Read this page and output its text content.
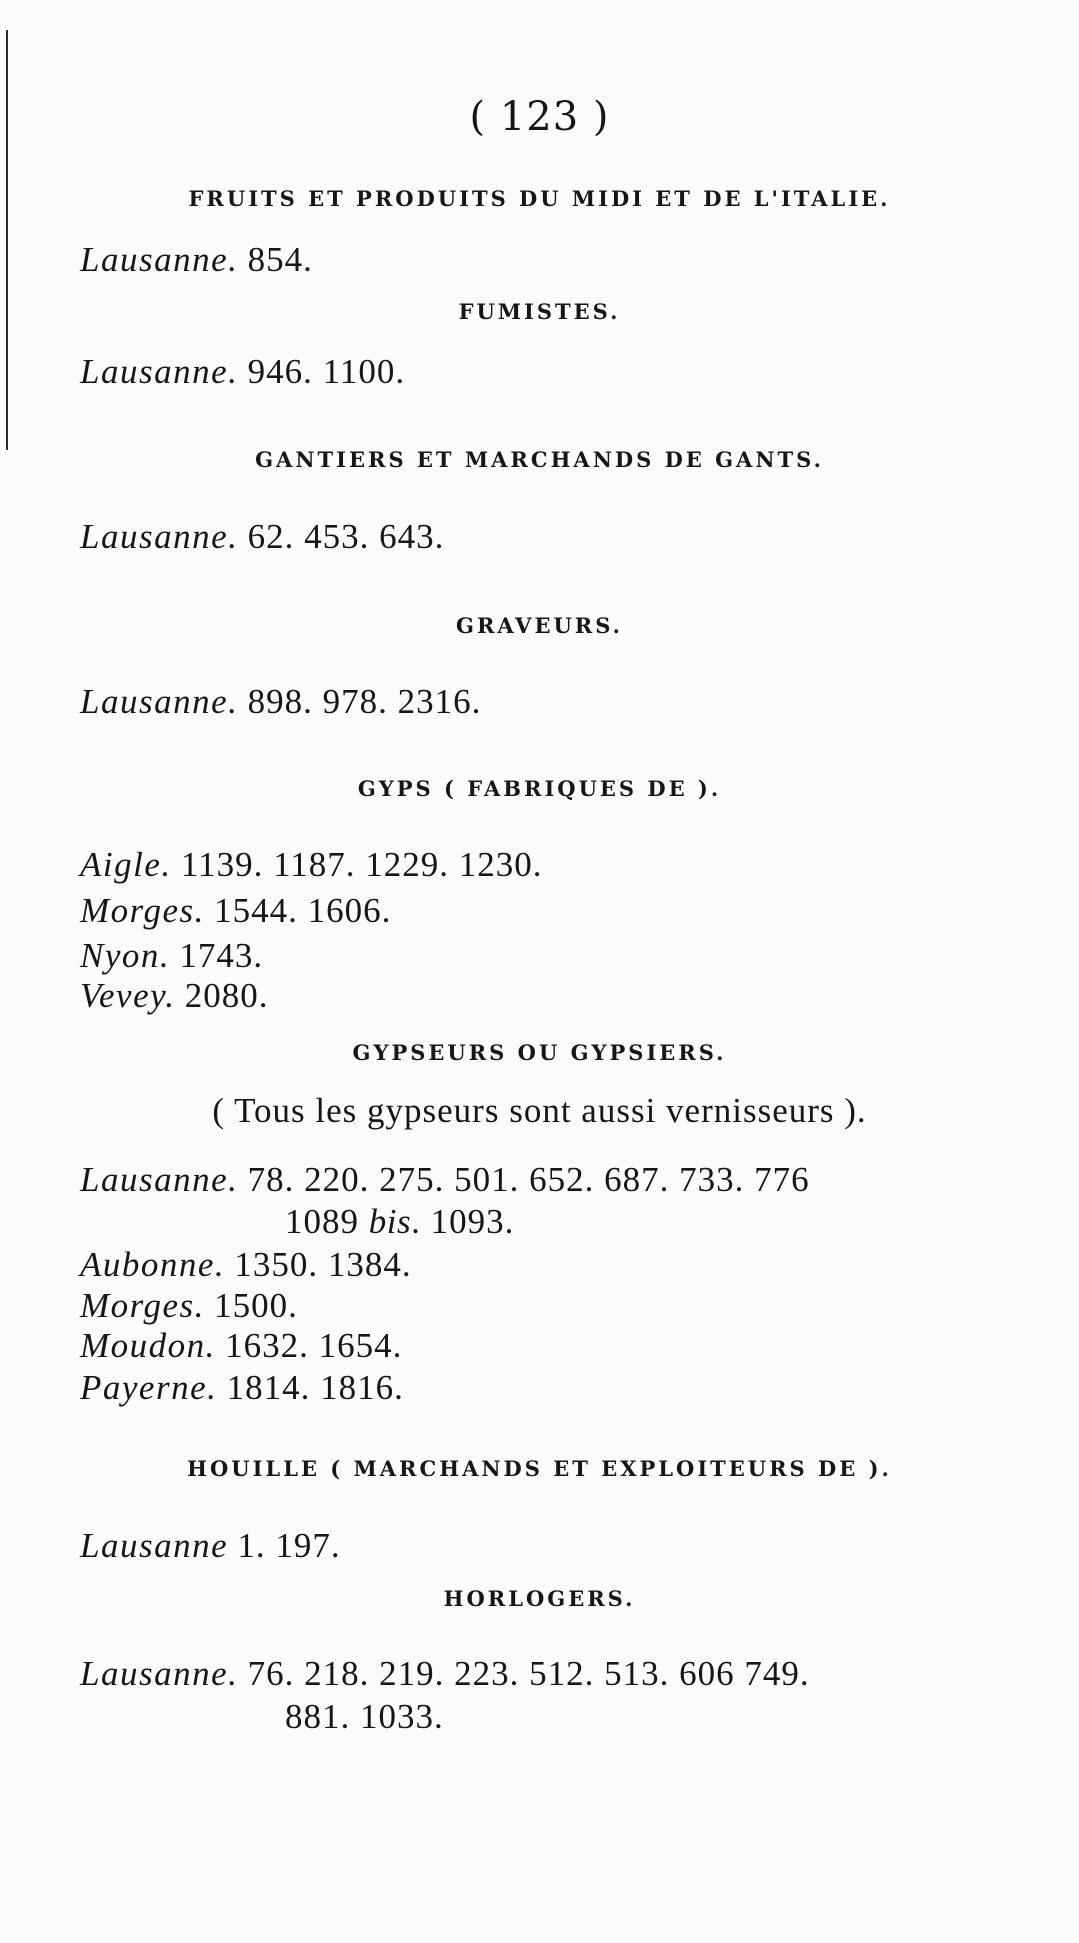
( 123 )
FRUITS ET PRODUITS DU MIDI ET DE L'ITALIE.
Lausanne. 854.
FUMISTES.
Lausanne. 946. 1100.
GANTIERS ET MARCHANDS DE GANTS.
Lausanne. 62. 453. 643.
GRAVEURS.
Lausanne. 898. 978. 2316.
GYPS ( FABRIQUES DE ).
Aigle. 1139. 1187. 1229. 1230.
Morges. 1544. 1606.
Nyon. 1743.
Vevey. 2080.
GYPSEURS OU GYPSIERS.
( Tous les gypseurs sont aussi vernisseurs ).
Lausanne. 78. 220. 275. 501. 652. 687. 733. 776
1089 bis. 1093.
Aubonne. 1350. 1384.
Morges. 1500.
Moudon. 1632. 1654.
Payerne. 1814. 1816.
HOUILLE ( MARCHANDS ET EXPLOITEURS DE ).
Lausanne 1. 197.
HORLOGERS.
Lausanne. 76. 218. 219. 223. 512. 513. 606 749.
881. 1033.
